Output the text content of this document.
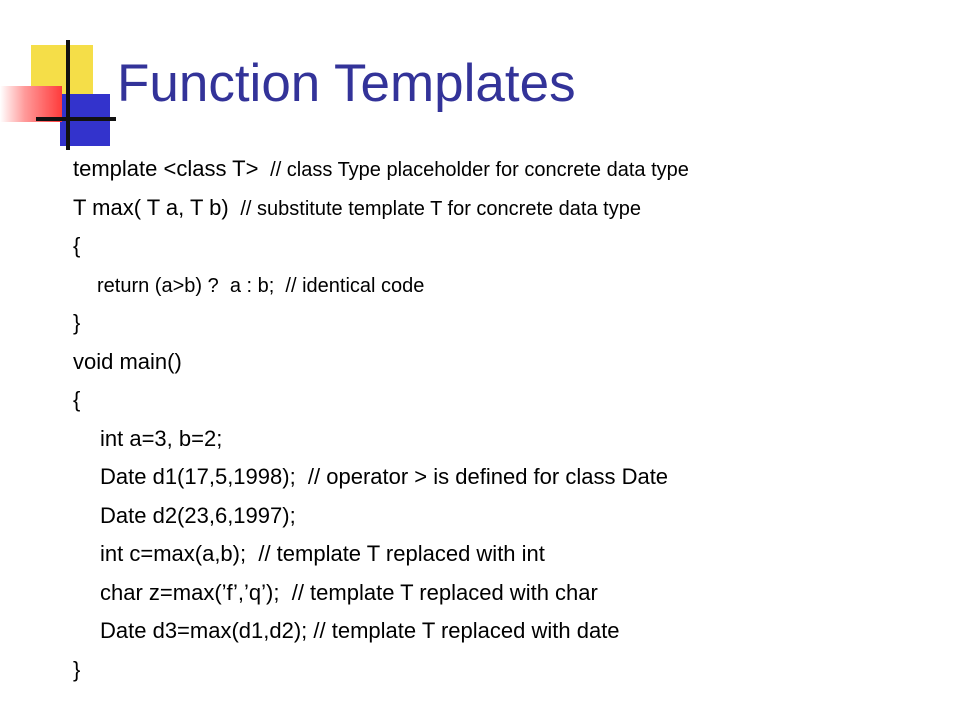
Function Templates
template <class T>  // class Type placeholder for concrete data type
T max( T a, T b)  // substitute template T for concrete data type
{
return (a>b) ?  a : b;  // identical code
}
void main()
{
int a=3, b=2;
Date d1(17,5,1998);  // operator > is defined for class Date
Date d2(23,6,1997);
int c=max(a,b);  // template T replaced with int
char z=max(’f’,’q’);  // template T replaced with char
Date d3=max(d1,d2); // template T replaced with date
}
